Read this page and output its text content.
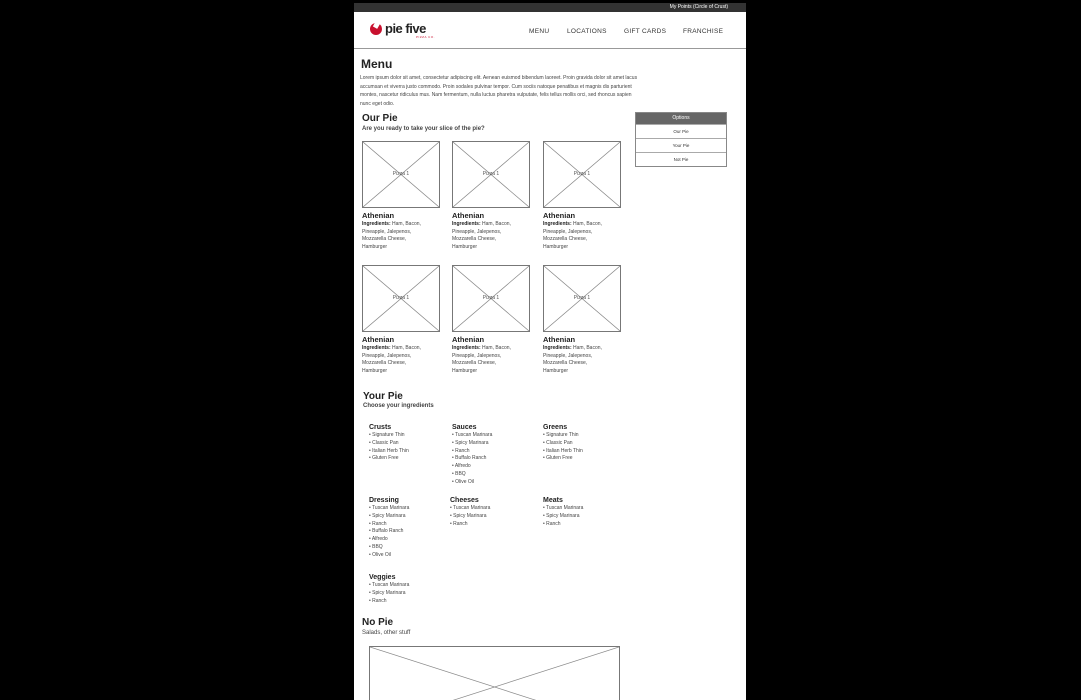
My Points (Circle of Crust)
pie five
PIZZA CO.
MENU	LOCATIONS	GIFT CARDS	FRANCHISE
Menu
Lorem ipsum dolor sit amet, consectetur adipiscing elit. Aenean euismod bibendum laoreet. Proin gravida dolor sit amet lacus accumsan et viverra justo commodo. Proin sodales pulvinar tempor. Cum sociis natoque penatibus et magnis dis parturient montes, nascetur ridiculus mus. Nam fermentum, nulla luctus pharetra vulputate, felis tellus mollis orci, sed rhoncus sapien nunc eget odio.
Our Pie
Are you ready to take your slice of the pie?
Pizza 1
Athenian
Ingredients: Ham, Bacon, Pineapple, Jalepenos, Mozzarella Cheese, Hamburger
Pizza 1
Athenian
Ingredients: Ham, Bacon, Pineapple, Jalepenos, Mozzarella Cheese, Hamburger
Pizza 1
Athenian
Ingredients: Ham, Bacon, Pineapple, Jalepenos, Mozzarella Cheese, Hamburger
Pizza 1
Athenian
Ingredients: Ham, Bacon, Pineapple, Jalepenos, Mozzarella Cheese, Hamburger
Pizza 1
Athenian
Ingredients: Ham, Bacon, Pineapple, Jalepenos, Mozzarella Cheese, Hamburger
Pizza 1
Athenian
Ingredients: Ham, Bacon, Pineapple, Jalepenos, Mozzarella Cheese, Hamburger
Options
Our Pie
Your Pie
Not Pie
Your Pie
Choose your ingredients
Crusts
• Signature Thin
• Classic Pan
• Italian Herb Thin
• Gluten Free
Sauces
• Tuscan Marinara
• Spicy Marinara
• Ranch
• Buffalo Ranch
• Alfredo
• BBQ
• Olive Oil
Greens
• Signature Thin
• Classic Pan
• Italian Herb Thin
• Gluten Free
Dressing
• Tuscan Marinara
• Spicy Marinara
• Ranch
• Buffalo Ranch
• Alfredo
• BBQ
• Olive Oil
Cheeses
• Tuscan Marinara
• Spicy Marinara
• Ranch
Meats
• Tuscan Marinara
• Spicy Marinara
• Ranch
Veggies
• Tuscan Marinara
• Spicy Marinara
• Ranch
No Pie
Salads, other stuff
